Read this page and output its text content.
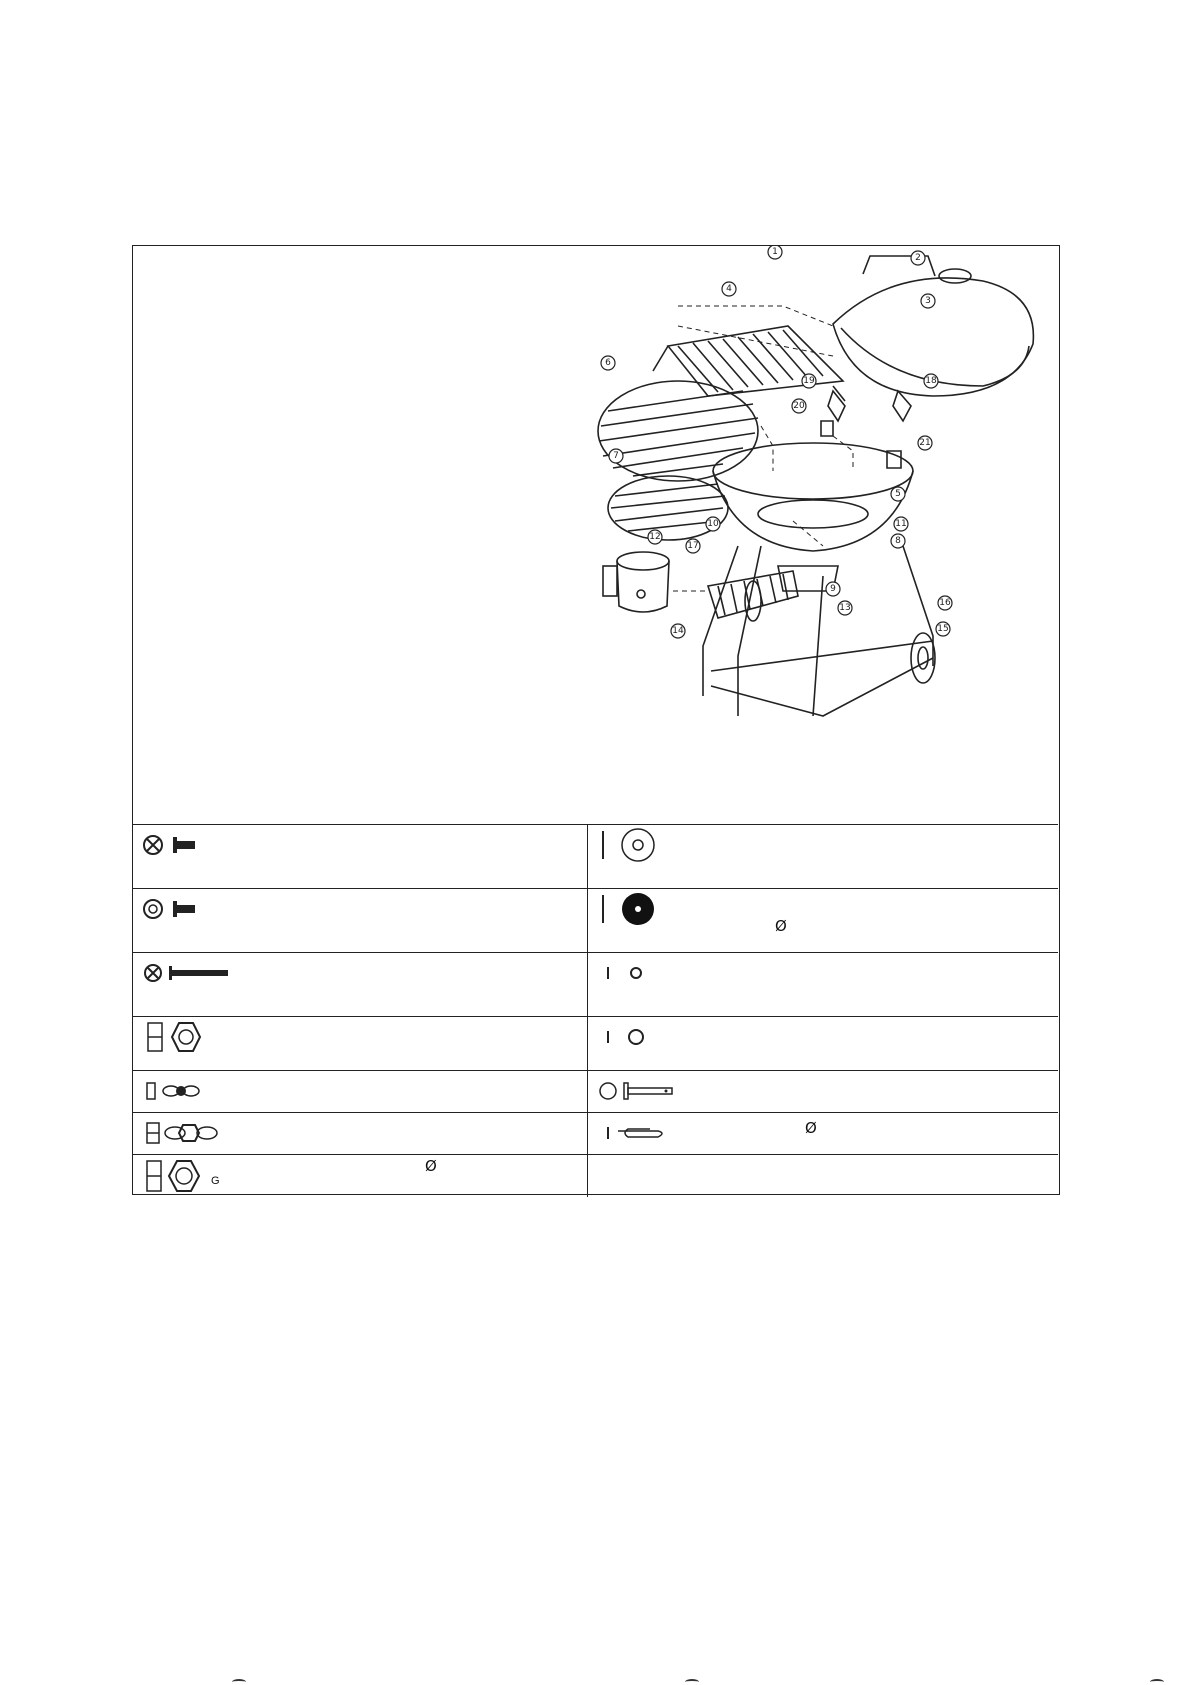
1
2
3
4
5
6
7
8
9
10	11
12
13
14	15
16
17
18
19
20
21
Ø
Ø
G
Ø
